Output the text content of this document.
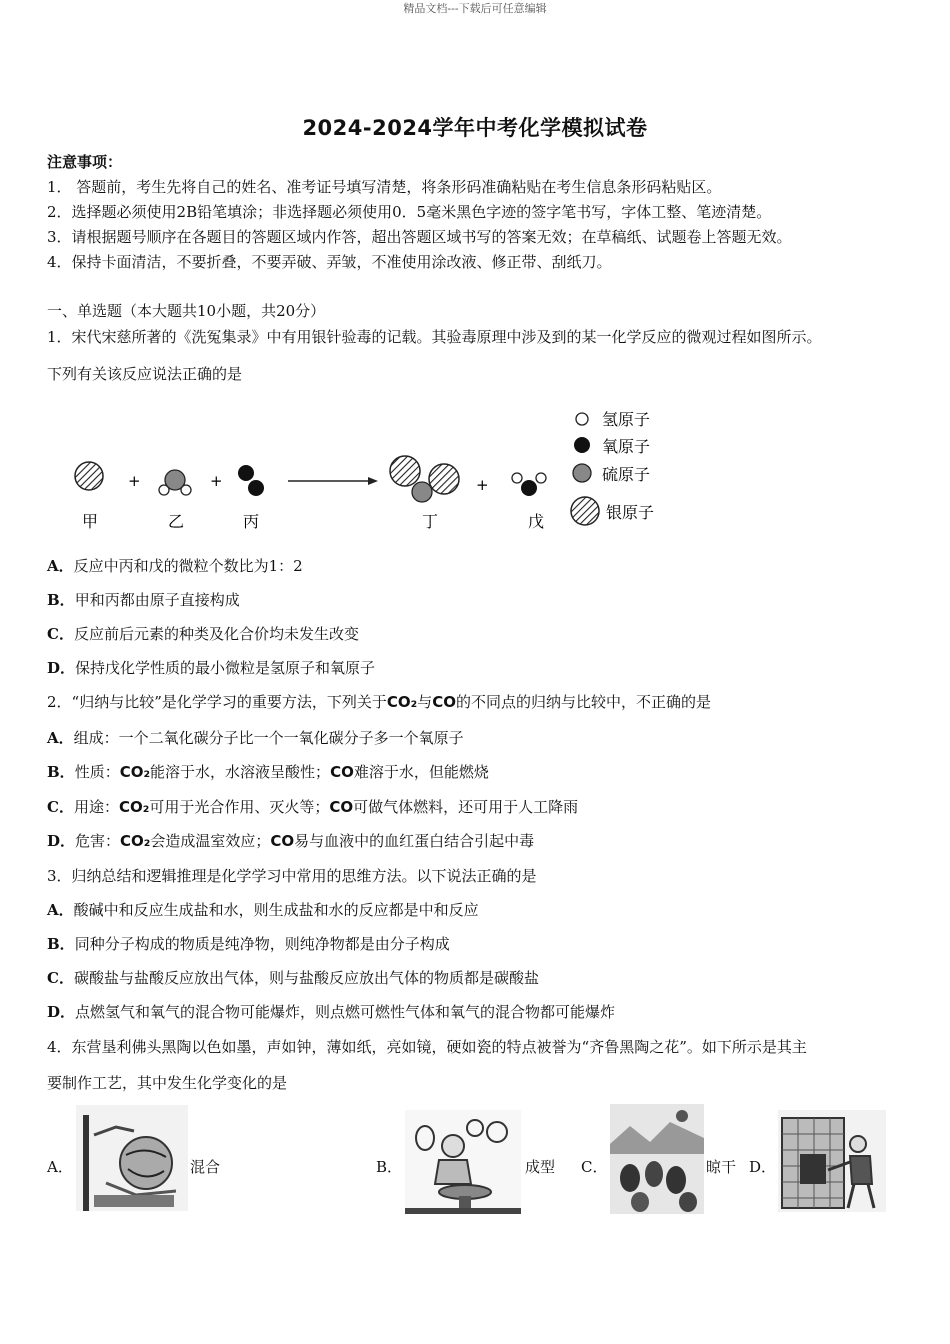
精品文档---下载后可任意编辑
2024-2024学年中考化学模拟试卷
注意事项：
1． 答题前，考生先将自己的姓名、准考证号填写清楚，将条形码准确粘贴在考生信息条形码粘贴区。
2．选择题必须使用2B铅笔填涂；非选择题必须使用0．5毫米黑色字迹的签字笔书写，字体工整、笔迹清楚。
3．请根据题号顺序在各题目的答题区域内作答，超出答题区域书写的答案无效；在草稿纸、试题卷上答题无效。
4．保持卡面清洁，不要折叠，不要弄破、弄皱，不准使用涂改液、修正带、刮纸刀。
一、单选题（本大题共10小题，共20分）
1．宋代宋慈所著的《洗冤集录》中有用银针验毒的记载。其验毒原理中涉及到的某一化学反应的微观过程如图所示。
下列有关该反应说法正确的是
+	+	+
甲	乙	丙	丁	戊
氢原子
氧原子
硫原子
银原子
A．反应中丙和戊的微粒个数比为1：2
B．甲和丙都由原子直接构成
C．反应前后元素的种类及化合价均未发生改变
D．保持戊化学性质的最小微粒是氢原子和氧原子
2．“归纳与比较”是化学学习的重要方法，下列关于CO₂与CO的不同点的归纳与比较中，不正确的是
A．组成：一个二氧化碳分子比一个一氧化碳分子多一个氧原子
B．性质：CO₂能溶于水，水溶液呈酸性；CO难溶于水，但能燃烧
C．用途：CO₂可用于光合作用、灭火等；CO可做气体燃料，还可用于人工降雨
D．危害：CO₂会造成温室效应；CO易与血液中的血红蛋白结合引起中毒
3．归纳总结和逻辑推理是化学学习中常用的思维方法。以下说法正确的是
A．酸碱中和反应生成盐和水，则生成盐和水的反应都是中和反应
B．同种分子构成的物质是纯净物，则纯净物都是由分子构成
C．碳酸盐与盐酸反应放出气体，则与盐酸反应放出气体的物质都是碳酸盐
D．点燃氢气和氧气的混合物可能爆炸，则点燃可燃性气体和氧气的混合物都可能爆炸
4．东营垦利佛头黑陶以色如墨，声如钟，薄如纸，亮如镜，硬如瓷的特点被誉为“齐鲁黑陶之花”。如下所示是其主
要制作工艺，其中发生化学变化的是
A．	混合	B．	成型 C．	晾干 D．
